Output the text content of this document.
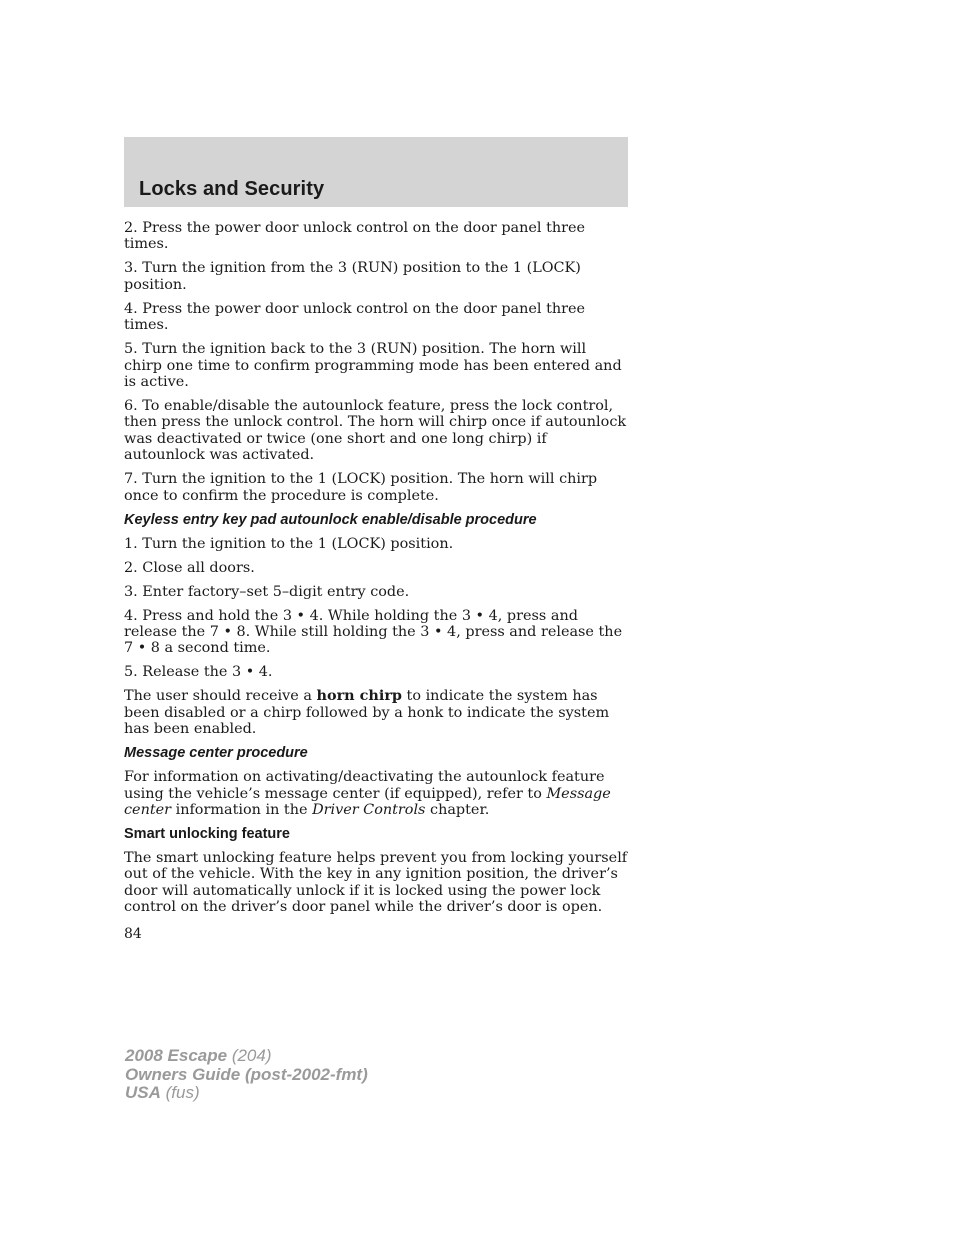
Locks and Security

2. Press the power door unlock control on the door panel three times.

3. Turn the ignition from the 3 (RUN) position to the 1 (LOCK) position.

4. Press the power door unlock control on the door panel three times.

5. Turn the ignition back to the 3 (RUN) position. The horn will chirp one time to confirm programming mode has been entered and is active.

6. To enable/disable the autounlock feature, press the lock control, then press the unlock control. The horn will chirp once if autounlock was deactivated or twice (one short and one long chirp) if autounlock was activated.

7. Turn the ignition to the 1 (LOCK) position. The horn will chirp once to confirm the procedure is complete.

Keyless entry key pad autounlock enable/disable procedure

1. Turn the ignition to the 1 (LOCK) position.

2. Close all doors.

3. Enter factory–set 5–digit entry code.

4. Press and hold the 3 • 4. While holding the 3 • 4, press and release the 7 • 8. While still holding the 3 • 4, press and release the 7 • 8 a second time.

5. Release the 3 • 4.

The user should receive a horn chirp to indicate the system has been disabled or a chirp followed by a honk to indicate the system has been enabled.

Message center procedure

For information on activating/deactivating the autounlock feature using the vehicle’s message center (if equipped), refer to Message center information in the Driver Controls chapter.

Smart unlocking feature

The smart unlocking feature helps prevent you from locking yourself out of the vehicle. With the key in any ignition position, the driver’s door will automatically unlock if it is locked using the power lock control on the driver’s door panel while the driver’s door is open.

84
2008 Escape (204)
Owners Guide (post-2002-fmt)
USA (fus)
